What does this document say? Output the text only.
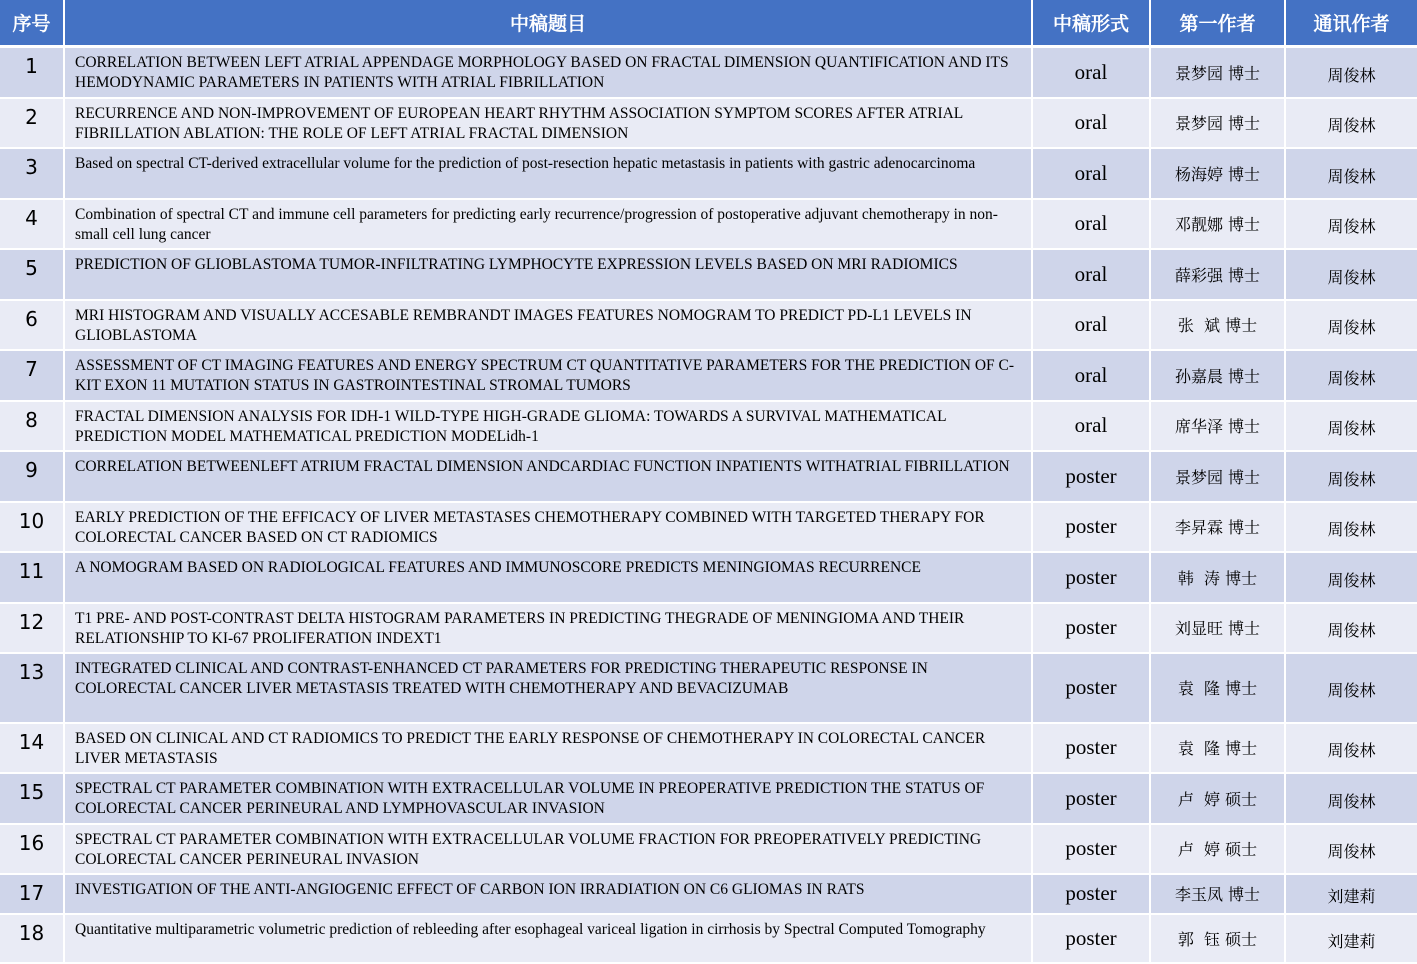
序号	中稿题目	中稿形式	第一作者	通讯作者
1	CORRELATION BETWEEN LEFT ATRIAL APPENDAGE MORPHOLOGY BASED ON FRACTAL DIMENSION QUANTIFICATION AND ITS HEMODYNAMIC PARAMETERS IN PATIENTS WITH ATRIAL FIBRILLATION	oral	景梦园 博士	周俊林
2	RECURRENCE AND NON-IMPROVEMENT OF EUROPEAN HEART RHYTHM ASSOCIATION SYMPTOM SCORES AFTER ATRIAL FIBRILLATION ABLATION: THE ROLE OF LEFT ATRIAL FRACTAL DIMENSION	oral	景梦园 博士	周俊林
3	Based on spectral CT-derived extracellular volume for the prediction of post-resection hepatic metastasis in patients with gastric adenocarcinoma	oral	杨海婷 博士	周俊林
4	Combination of spectral CT and immune cell parameters for predicting early recurrence/progression of postoperative adjuvant chemotherapy in non-small cell lung cancer	oral	邓靓娜 博士	周俊林
5	PREDICTION OF GLIOBLASTOMA TUMOR-INFILTRATING LYMPHOCYTE EXPRESSION LEVELS BASED ON MRI RADIOMICS	oral	薛彩强 博士	周俊林
6	MRI HISTOGRAM AND VISUALLY ACCESABLE REMBRANDT IMAGES FEATURES NOMOGRAM TO PREDICT PD-L1 LEVELS IN GLIOBLASTOMA	oral	张  斌 博士	周俊林
7	ASSESSMENT OF CT IMAGING FEATURES AND ENERGY SPECTRUM CT QUANTITATIVE PARAMETERS FOR THE PREDICTION OF C-KIT EXON 11 MUTATION STATUS IN GASTROINTESTINAL STROMAL TUMORS	oral	孙嘉晨 博士	周俊林
8	FRACTAL DIMENSION ANALYSIS FOR IDH-1 WILD-TYPE HIGH-GRADE GLIOMA: TOWARDS A SURVIVAL MATHEMATICAL PREDICTION MODEL MATHEMATICAL PREDICTION MODELidh-1	oral	席华泽 博士	周俊林
9	CORRELATION BETWEENLEFT ATRIUM FRACTAL DIMENSION ANDCARDIAC FUNCTION INPATIENTS WITHATRIAL FIBRILLATION	poster	景梦园 博士	周俊林
10	EARLY PREDICTION OF THE EFFICACY OF LIVER METASTASES CHEMOTHERAPY COMBINED WITH TARGETED THERAPY FOR COLORECTAL CANCER BASED ON CT RADIOMICS	poster	李昇霖 博士	周俊林
11	A NOMOGRAM BASED ON RADIOLOGICAL FEATURES AND IMMUNOSCORE PREDICTS MENINGIOMAS RECURRENCE	poster	韩  涛 博士	周俊林
12	T1 PRE- AND POST-CONTRAST DELTA HISTOGRAM PARAMETERS IN PREDICTING THEGRADE OF MENINGIOMA AND THEIR RELATIONSHIP TO KI-67 PROLIFERATION INDEXT1	poster	刘显旺 博士	周俊林
13	INTEGRATED CLINICAL AND CONTRAST-ENHANCED CT PARAMETERS FOR PREDICTING THERAPEUTIC RESPONSE IN COLORECTAL CANCER LIVER METASTASIS TREATED WITH CHEMOTHERAPY AND BEVACIZUMAB	poster	袁  隆 博士	周俊林
14	BASED ON CLINICAL AND CT RADIOMICS TO PREDICT THE EARLY RESPONSE OF CHEMOTHERAPY IN COLORECTAL CANCER LIVER METASTASIS	poster	袁  隆 博士	周俊林
15	SPECTRAL CT PARAMETER COMBINATION WITH EXTRACELLULAR VOLUME IN PREOPERATIVE PREDICTION THE STATUS OF COLORECTAL CANCER PERINEURAL AND LYMPHOVASCULAR INVASION	poster	卢  婷 硕士	周俊林
16	SPECTRAL CT PARAMETER COMBINATION WITH EXTRACELLULAR VOLUME FRACTION FOR PREOPERATIVELY PREDICTING COLORECTAL CANCER PERINEURAL INVASION	poster	卢  婷 硕士	周俊林
17	INVESTIGATION OF THE ANTI-ANGIOGENIC EFFECT OF CARBON ION IRRADIATION ON C6 GLIOMAS IN RATS	poster	李玉凤 博士	刘建莉
18	Quantitative multiparametric volumetric prediction of rebleeding after esophageal variceal ligation in cirrhosis by Spectral Computed Tomography	poster	郭  钰 硕士	刘建莉
